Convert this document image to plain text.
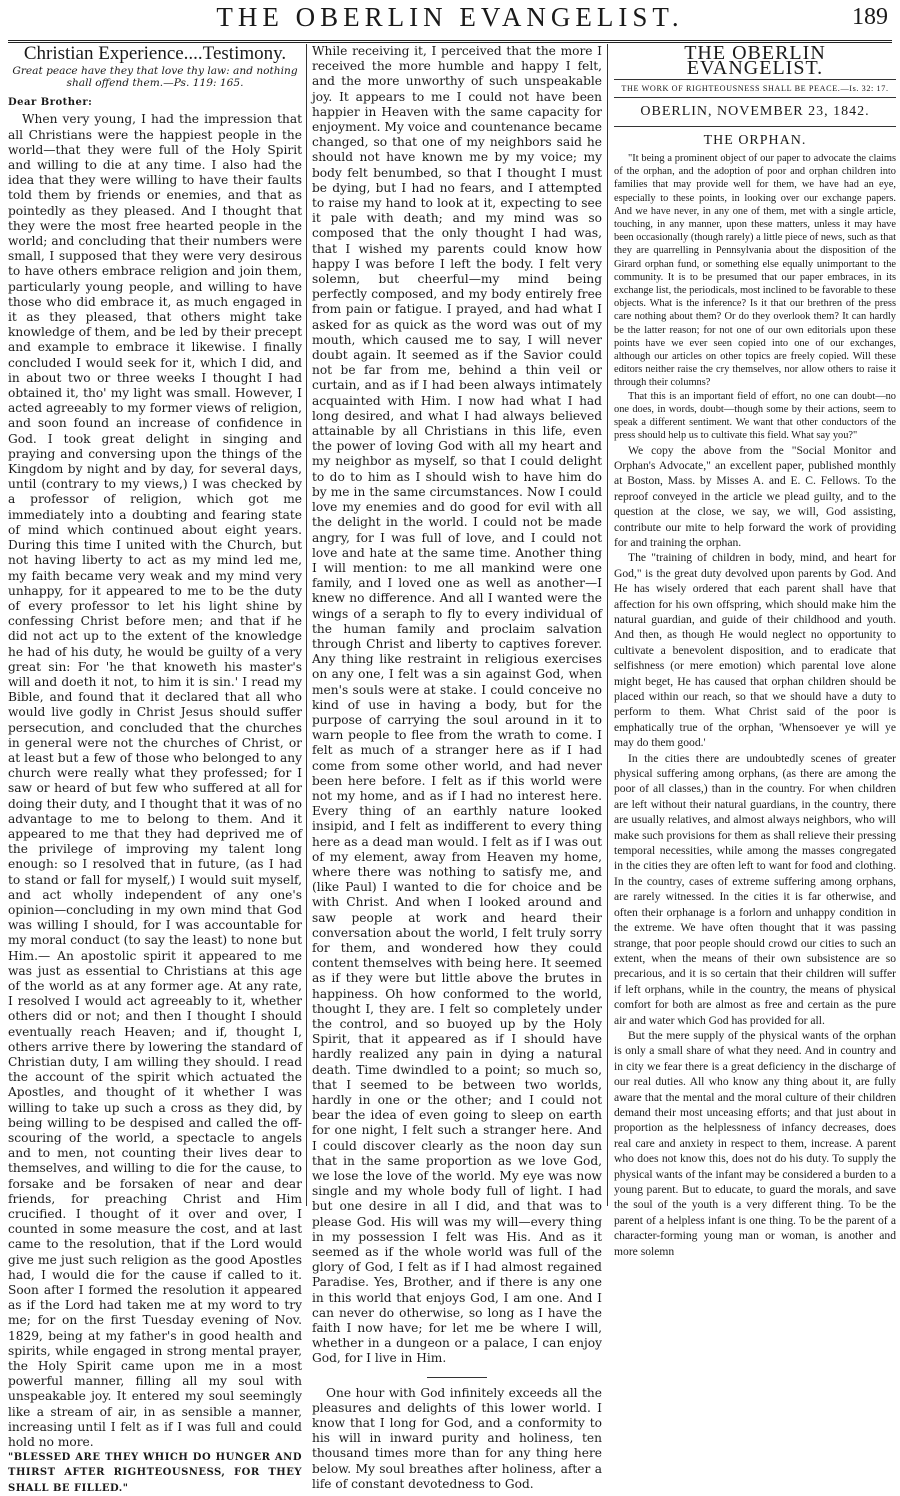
THE OBERLIN EVANGELIST.	189
Christian Experience....Testimony.
Great peace have they that love thy law: and nothing shall offend them.—Ps. 119: 165.
Dear Brother:

When very young, I had the impression that all Christians were the happiest people in the world—that they were full of the Holy Spirit and willing to die at any time. I also had the idea that they were willing to have their faults told them by friends or enemies, and that as pointedly as they pleased. And I thought that they were the most free hearted people in the world; and concluding that their numbers were small, I supposed that they were very desirous to have others embrace religion and join them, particularly young people, and willing to have those who did embrace it, as much engaged in it as they pleased, that others might take knowledge of them, and be led by their precept and example to embrace it likewise. I finally concluded I would seek for it, which I did, and in about two or three weeks I thought I had obtained it, tho' my light was small. However, I acted agreeably to my former views of religion, and soon found an increase of confidence in God. I took great delight in singing and praying and conversing upon the things of the Kingdom by night and by day, for several days, until (contrary to my views,) I was checked by a professor of religion, which got me immediately into a doubting and fearing state of mind which continued about eight years. During this time I united with the Church, but not having liberty to act as my mind led me, my faith became very weak and my mind very unhappy, for it appeared to me to be the duty of every professor to let his light shine by confessing Christ before men; and that if he did not act up to the extent of the knowledge he had of his duty, he would be guilty of a very great sin: For 'he that knoweth his master's will and doeth it not, to him it is sin.' I read my Bible, and found that it declared that all who would live godly in Christ Jesus should suffer persecution, and concluded that the churches in general were not the churches of Christ, or at least but a few of those who belonged to any church were really what they professed; for I saw or heard of but few who suffered at all for doing their duty, and I thought that it was of no advantage to me to belong to them. And it appeared to me that they had deprived me of the privilege of improving my talent long enough: so I resolved that in future, (as I had to stand or fall for myself,) I would suit myself, and act wholly independent of any one's opinion—concluding in my own mind that God was willing I should, for I was accountable for my moral conduct (to say the least) to none but Him.— An apostolic spirit it appeared to me was just as essential to Christians at this age of the world as at any former age. At any rate, I resolved I would act agreeably to it, whether others did or not; and then I thought I should eventually reach Heaven; and if, thought I, others arrive there by lowering the standard of Christian duty, I am willing they should. I read the account of the spirit which actuated the Apostles, and thought of it whether I was willing to take up such a cross as they did, by being willing to be despised and called the off-scouring of the world, a spectacle to angels and to men, not counting their lives dear to themselves, and willing to die for the cause, to forsake and be forsaken of near and dear friends, for preaching Christ and Him crucified. I thought of it over and over, I counted in some measure the cost, and at last came to the resolution, that if the Lord would give me just such religion as the good Apostles had, I would die for the cause if called to it. Soon after I formed the resolution it appeared as if the Lord had taken me at my word to try me; for on the first Tuesday evening of Nov. 1829, being at my father's in good health and spirits, while engaged in strong mental prayer, the Holy Spirit came upon me in a most powerful manner, filling all my soul with unspeakable joy. It entered my soul seemingly like a stream of air, in as sensible a manner, increasing until I felt as if I was full and could hold no more.

"BLESSED ARE THEY WHICH DO HUNGER AND THIRST AFTER RIGHTEOUSNESS, FOR THEY SHALL BE FILLED."

While receiving it, I perceived that the more I received the more humble and happy I felt, and the more unworthy of such unspeakable joy. It appears to me I could not have been happier in Heaven with the same capacity for enjoyment. My voice and countenance became changed, so that one of my neighbors said he should not have known me by my voice; my body felt benumbed, so that I thought I must be dying, but I had no fears, and I attempted to raise my hand to look at it, expecting to see it pale with death; and my mind was so composed that the only thought I had was, that I wished my parents could know how happy I was before I left the body. I felt very solemn, but cheerful—my mind being perfectly composed, and my body entirely free from pain or fatigue. I prayed, and had what I asked for as quick as the word was out of my mouth, which caused me to say, I will never doubt again. It seemed as if the Savior could not be far from me, behind a thin veil or curtain, and as if I had been always intimately acquainted with Him. I now had what I had long desired, and what I had always believed attainable by all Christians in this life, even the power of loving God with all my heart and my neighbor as myself, so that I could delight to do to him as I should wish to have him do by me in the same circumstances. Now I could love my enemies and do good for evil with all the delight in the world. I could not be made angry, for I was full of love, and I could not love and hate at the same time. Another thing I will mention: to me all mankind were one family, and I loved one as well as another—I knew no difference. And all I wanted were the wings of a seraph to fly to every individual of the human family and proclaim salvation through Christ and liberty to captives forever. Any thing like restraint in religious exercises on any one, I felt was a sin against God, when men's souls were at stake. I could conceive no kind of use in having a body, but for the purpose of carrying the soul around in it to warn people to flee from the wrath to come. I felt as much of a stranger here as if I had come from some other world, and had never been here before. I felt as if this world were not my home, and as if I had no interest here. Every thing of an earthly nature looked insipid, and I felt as indifferent to every thing here as a dead man would. I felt as if I was out of my element, away from Heaven my home, where there was nothing to satisfy me, and (like Paul) I wanted to die for choice and be with Christ. And when I looked around and saw people at work and heard their conversation about the world, I felt truly sorry for them, and wondered how they could content themselves with being here. It seemed as if they were but little above the brutes in happiness. Oh how conformed to the world, thought I, they are. I felt so completely under the control, and so buoyed up by the Holy Spirit, that it appeared as if I should have hardly realized any pain in dying a natural death. Time dwindled to a point; so much so, that I seemed to be between two worlds, hardly in one or the other; and I could not bear the idea of even going to sleep on earth for one night, I felt such a stranger here. And I could discover clearly as the noon day sun that in the same proportion as we love God, we lose the love of the world. My eye was now single and my whole body full of light. I had but one desire in all I did, and that was to please God. His will was my will—every thing in my possession I felt was His. And as it seemed as if the whole world was full of the glory of God, I felt as if I had almost regained Paradise. Yes, Brother, and if there is any one in this world that enjoys God, I am one. And I can never do otherwise, so long as I have the faith I now have; for let me be where I will, whether in a dungeon or a palace, I can enjoy God, for I live in Him.

One hour with God infinitely exceeds all the pleasures and delights of this lower world. I know that I long for God, and a conformity to his will in inward purity and holiness, ten thousand times more than for any thing here below. My soul breathes after holiness, after a life of constant devotedness to God.

THE OBERLIN EVANGELIST.
THE WORK OF RIGHTEOUSNESS SHALL BE PEACE.—Is. 32: 17.
OBERLIN, NOVEMBER 23, 1842.
THE ORPHAN.

"It being a prominent object of our paper to advocate the claims of the orphan, and the adoption of poor and orphan children into families that may provide well for them, we have had an eye, especially to these points, in looking over our exchange papers. And we have never, in any one of them, met with a single article, touching, in any manner, upon these matters, unless it may have been occasionally (though rarely) a little piece of news, such as that they are quarrelling in Pennsylvania about the disposition of the Girard orphan fund, or something else equally unimportant to the community. It is to be presumed that our paper embraces, in its exchange list, the periodicals, most inclined to be favorable to these objects. What is the inference? Is it that our brethren of the press care nothing about them? Or do they overlook them? It can hardly be the latter reason; for not one of our own editorials upon these points have we ever seen copied into one of our exchanges, although our articles on other topics are freely copied. Will these editors neither raise the cry themselves, nor allow others to raise it through their columns?

That this is an important field of effort, no one can doubt—no one does, in words, doubt—though some by their actions, seem to speak a different sentiment. We want that other conductors of the press should help us to cultivate this field. What say you?"

We copy the above from the "Social Monitor and Orphan's Advocate," an excellent paper, published monthly at Boston, Mass. by Misses A. and E. C. Fellows. To the reproof conveyed in the article we plead guilty, and to the question at the close, we say, we will, God assisting, contribute our mite to help forward the work of providing for and training the orphan.

The "training of children in body, mind, and heart for God," is the great duty devolved upon parents by God. And He has wisely ordered that each parent shall have that affection for his own offspring, which should make him the natural guardian, and guide of their childhood and youth. And then, as though He would neglect no opportunity to cultivate a benevolent disposition, and to eradicate that selfishness (or mere emotion) which parental love alone might beget, He has caused that orphan children should be placed within our reach, so that we should have a duty to perform to them. What Christ said of the poor is emphatically true of the orphan, 'Whensoever ye will ye may do them good.'

In the cities there are undoubtedly scenes of greater physical suffering among orphans, (as there are among the poor of all classes,) than in the country. For when children are left without their natural guardians, in the country, there are usually relatives, and almost always neighbors, who will make such provisions for them as shall relieve their pressing temporal necessities, while among the masses congregated in the cities they are often left to want for food and clothing. In the country, cases of extreme suffering among orphans, are rarely witnessed. In the cities it is far otherwise, and often their orphanage is a forlorn and unhappy condition in the extreme. We have often thought that it was passing strange, that poor people should crowd our cities to such an extent, when the means of their own subsistence are so precarious, and it is so certain that their children will suffer if left orphans, while in the country, the means of physical comfort for both are almost as free and certain as the pure air and water which God has provided for all.

But the mere supply of the physical wants of the orphan is only a small share of what they need. And in country and in city we fear there is a great deficiency in the discharge of our real duties. All who know any thing about it, are fully aware that the mental and the moral culture of their children demand their most unceasing efforts; and that just about in proportion as the helplessness of infancy decreases, does real care and anxiety in respect to them, increase. A parent who does not know this, does not do his duty. To supply the physical wants of the infant may be considered a burden to a young parent. But to educate, to guard the morals, and save the soul of the youth is a very different thing. To be the parent of a helpless infant is one thing. To be the parent of a character-forming young man or woman, is another and more solemn
